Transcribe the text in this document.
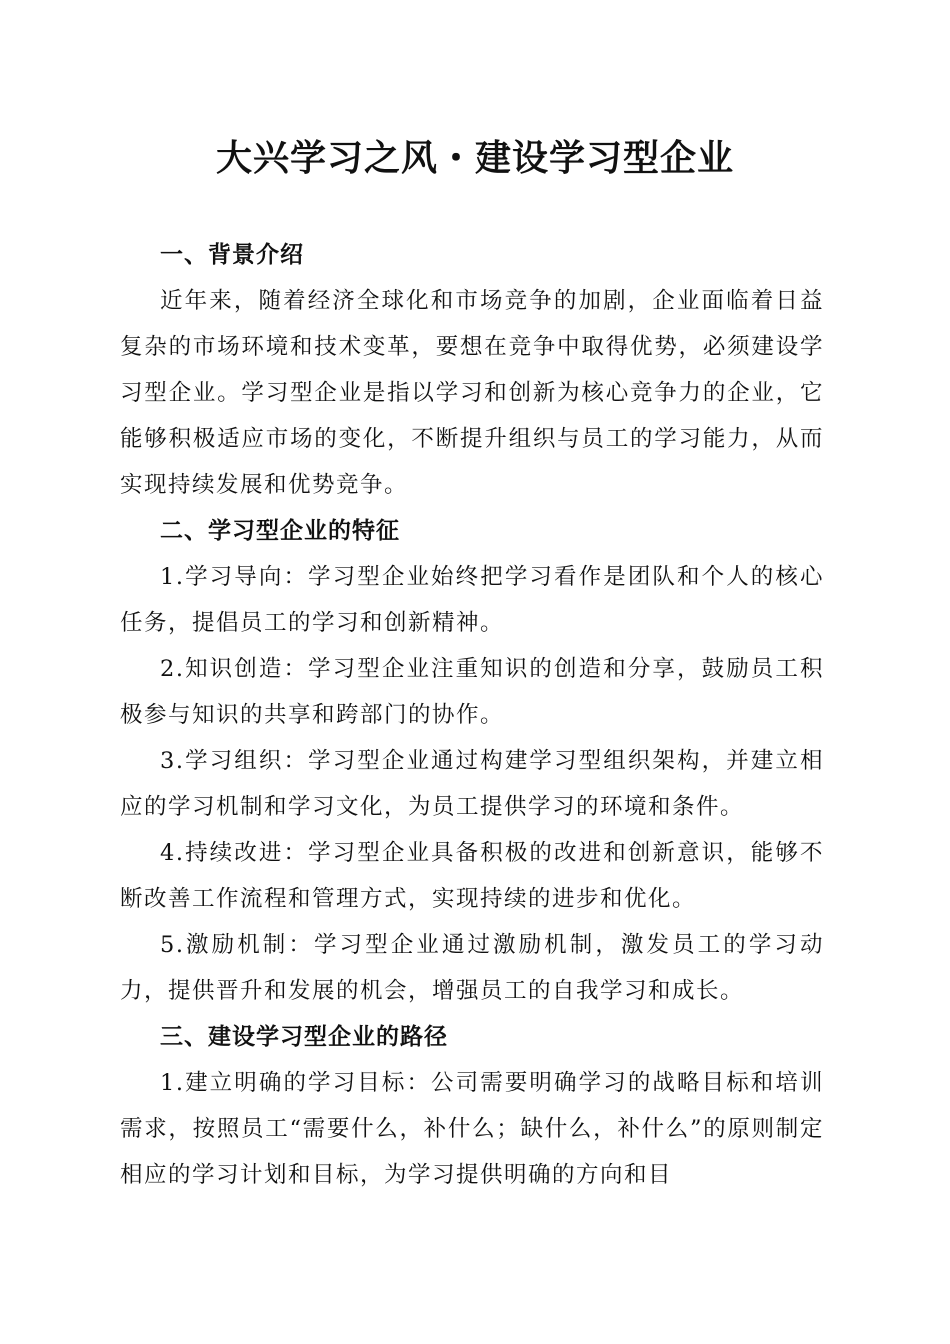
大兴学习之风・建设学习型企业
一、背景介绍

近年来，随着经济全球化和市场竞争的加剧，企业面临着日益复杂的市场环境和技术变革，要想在竞争中取得优势，必须建设学习型企业。学习型企业是指以学习和创新为核心竞争力的企业，它能够积极适应市场的变化，不断提升组织与员工的学习能力，从而实现持续发展和优势竞争。

二、学习型企业的特征

1.学习导向：学习型企业始终把学习看作是团队和个人的核心任务，提倡员工的学习和创新精神。

2.知识创造：学习型企业注重知识的创造和分享，鼓励员工积极参与知识的共享和跨部门的协作。

3.学习组织：学习型企业通过构建学习型组织架构，并建立相应的学习机制和学习文化，为员工提供学习的环境和条件。

4.持续改进：学习型企业具备积极的改进和创新意识，能够不断改善工作流程和管理方式，实现持续的进步和优化。

5.激励机制：学习型企业通过激励机制，激发员工的学习动力，提供晋升和发展的机会，增强员工的自我学习和成长。

三、建设学习型企业的路径

1.建立明确的学习目标：公司需要明确学习的战略目标和培训需求，按照员工“需要什么，补什么；缺什么，补什么”的原则制定相应的学习计划和目标，为学习提供明确的方向和目
